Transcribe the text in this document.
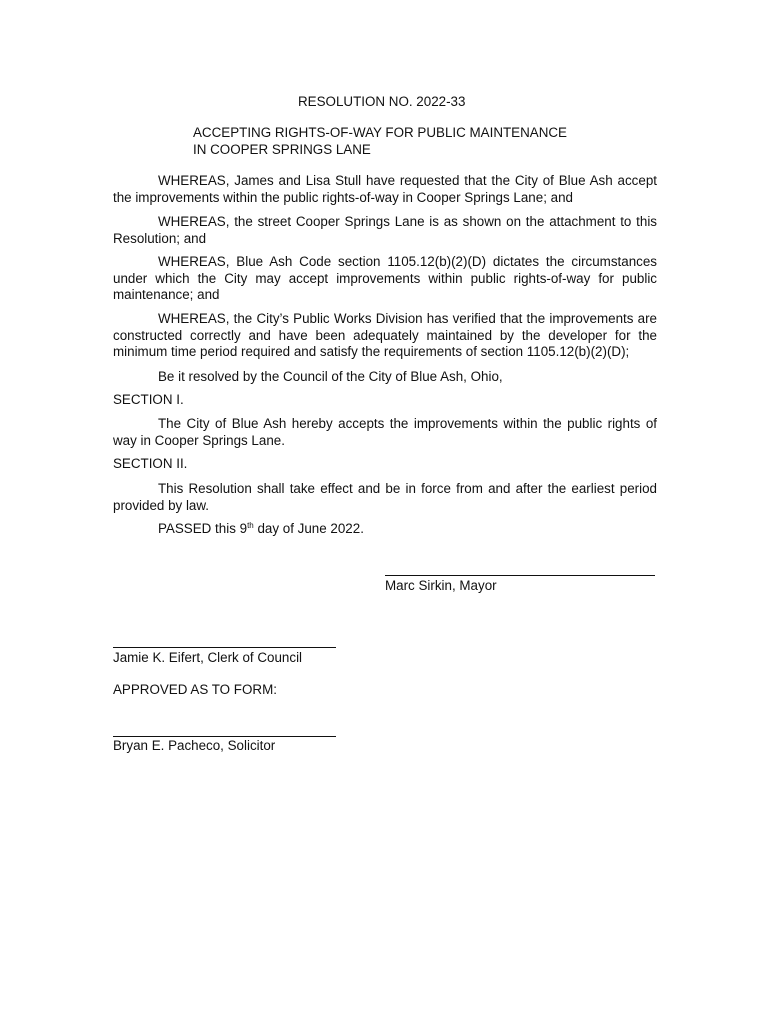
RESOLUTION NO. 2022-33
ACCEPTING RIGHTS-OF-WAY FOR PUBLIC MAINTENANCE
IN COOPER SPRINGS LANE

WHEREAS, James and Lisa Stull have requested that the City of Blue Ash accept the improvements within the public rights-of-way in Cooper Springs Lane; and

WHEREAS, the street Cooper Springs Lane is as shown on the attachment to this Resolution; and

WHEREAS, Blue Ash Code section 1105.12(b)(2)(D) dictates the circumstances under which the City may accept improvements within public rights-of-way for public maintenance; and

WHEREAS, the City’s Public Works Division has verified that the improvements are constructed correctly and have been adequately maintained by the developer for the minimum time period required and satisfy the requirements of section 1105.12(b)(2)(D);

Be it resolved by the Council of the City of Blue Ash, Ohio,

SECTION I.

The City of Blue Ash hereby accepts the improvements within the public rights of way in Cooper Springs Lane.

SECTION II.

This Resolution shall take effect and be in force from and after the earliest period provided by law.

PASSED this 9th day of June 2022.

Marc Sirkin, Mayor
Jamie K. Eifert, Clerk of Council
APPROVED AS TO FORM:
Bryan E. Pacheco, Solicitor
